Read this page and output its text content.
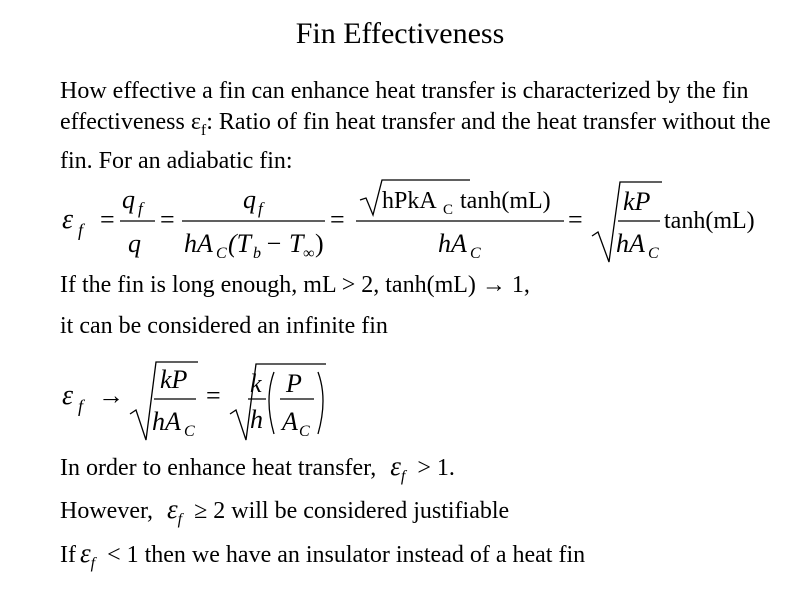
Fin Effectiveness
How effective a fin can enhance heat transfer is characterized by the fin effectiveness $\varepsilon_f$: Ratio of fin heat transfer and the heat transfer without the fin. For an adiabatic fin:
ε f =
q f
q
=
q f
hA C (T b − T ∞ )
=
hPkA C tanh(mL)
hA C
=
kP
hA C
tanh(mL)
If the fin is long enough, mL > 2, tanh(mL) → 1,
it can be considered an infinite fin
ε f →
kP
hA C
= k
h
P
A C
In order to enhance heat transfer, $\varepsilon_f > 1$.
However, $\varepsilon_f \ge 2$ will be considered justifiable
If $\varepsilon_f < 1$ then we have an insulator instead of a heat fin
